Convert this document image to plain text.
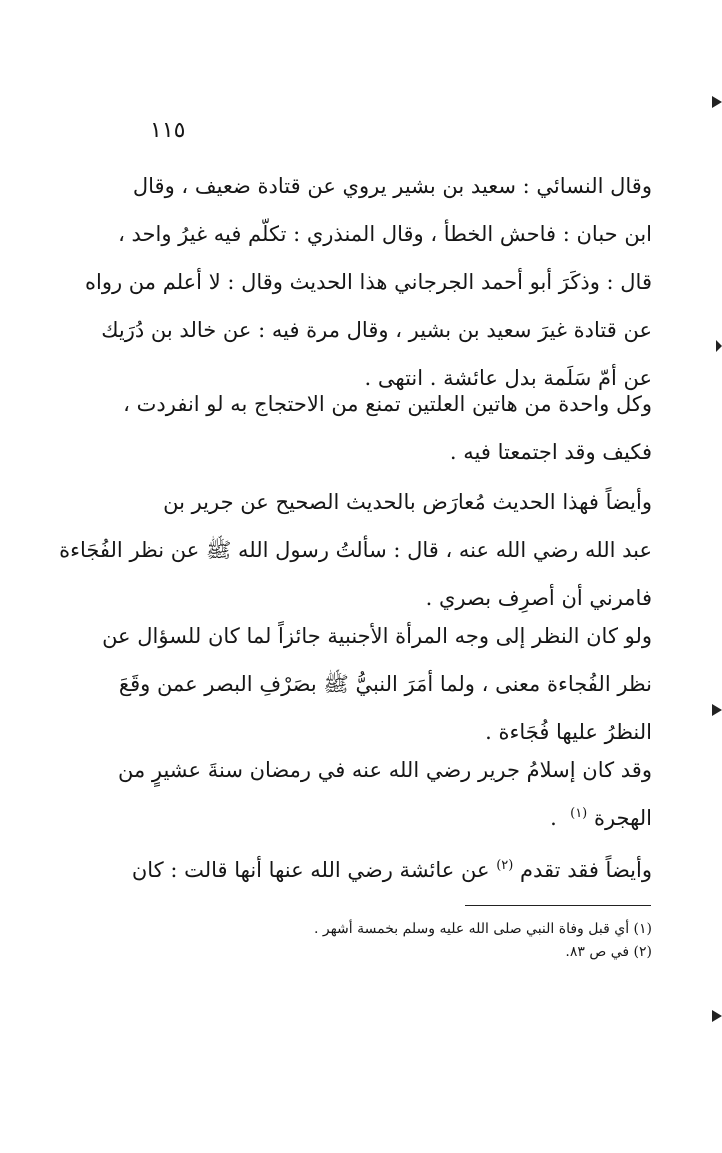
١١٥
وقال النسائي : سعيد بن بشير يروي عن قتادة ضعيف ، وقال
ابن حبان : فاحش الخطأ ، وقال المنذري : تكلّم فيه غيرُ واحد ،
قال : وذكَرَ أبو أحمد الجرجاني هذا الحديث وقال : لا أعلم من رواه
عن قتادة غيرَ سعيد بن بشير ، وقال مرة فيه : عن خالد بن دُرَيك
عن أمّ سَلَمة بدل عائشة . انتهى .
وكل واحدة من هاتين العلتين تمنع من الاحتجاج به لو انفردت ،
فكيف وقد اجتمعتا فيه .
وأيضاً فهذا الحديث مُعارَض بالحديث الصحيح عن جرير بن
عبد الله رضي الله عنه ، قال : سألتُ رسول الله ﷺ عن نظر الفُجَاءة
فامرني أن أصرِف بصري .
ولو كان النظر إلى وجه المرأة الأجنبية جائزاً لما كان للسؤال عن
نظر الفُجاءة معنى ، ولما أمَرَ النبيُّ ﷺ بصَرْفِ البصر عمن وقَعَ
النظرُ عليها فُجَاءة .
وقد كان إسلامُ جرير رضي الله عنه في رمضان سنةَ عشيرٍ من
الهجرة $^{(١)}$  .
وأيضاً فقد تقدم $^{(٢)}$ عن عائشة رضي الله عنها أنها قالت : كان
(١) أي قبل وفاة النبي صلى الله عليه وسلم بخمسة أشهر .
(٢) في ص ٨٣.
